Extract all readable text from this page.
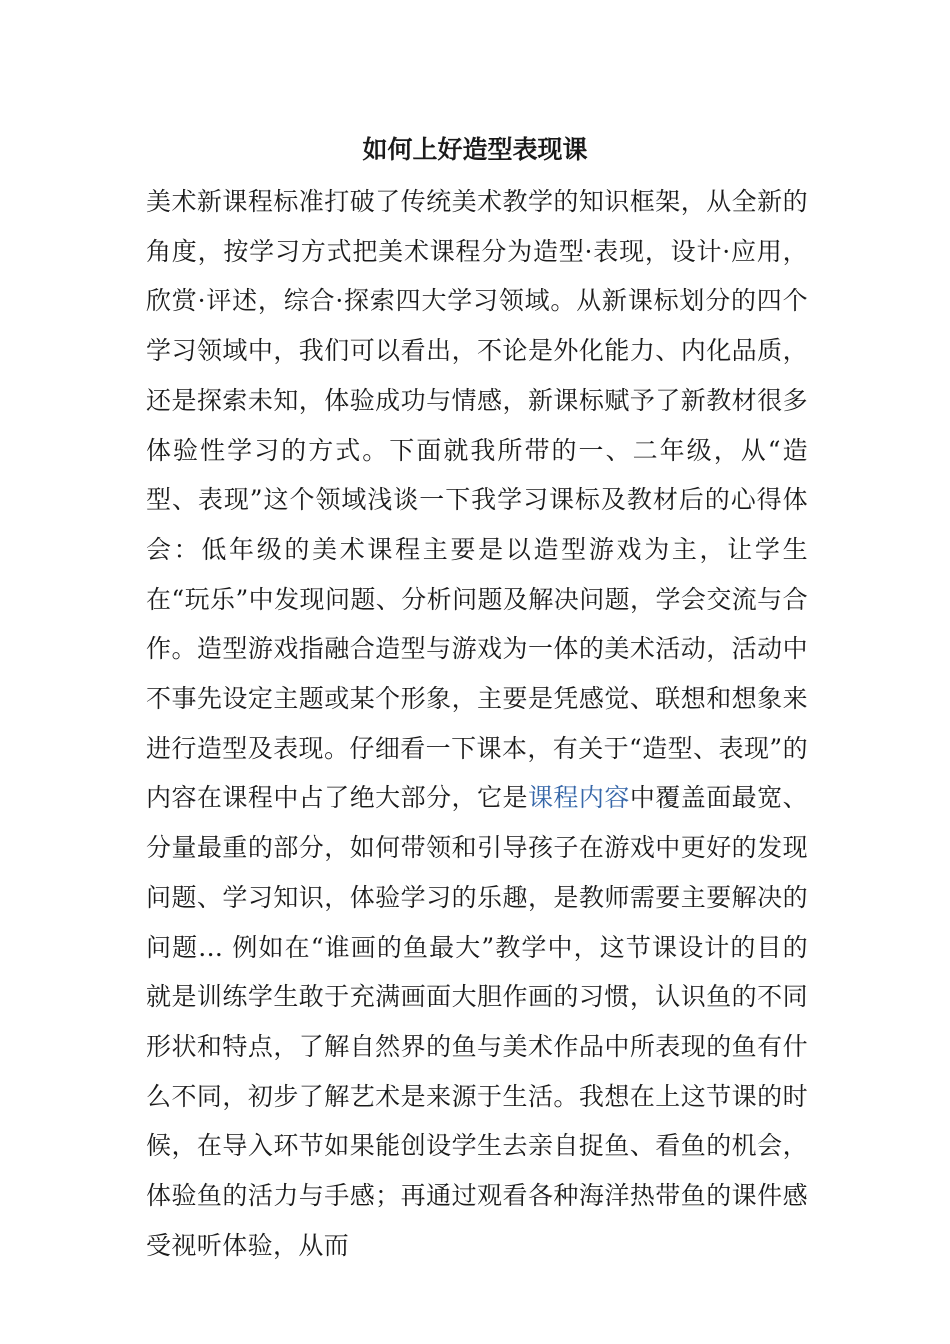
如何上好造型表现课

美术新课程标准打破了传统美术教学的知识框架，从全新的角度，按学习方式把美术课程分为造型·表现，设计·应用，欣赏·评述，综合·探索四大学习领域。从新课标划分的四个学习领域中，我们可以看出，不论是外化能力、内化品质，还是探索未知，体验成功与情感，新课标赋予了新教材很多体验性学习的方式。下面就我所带的一、二年级，从“造型、表现”这个领域浅谈一下我学习课标及教材后的心得体会：低年级的美术课程主要是以造型游戏为主，让学生在“玩乐”中发现问题、分析问题及解决问题，学会交流与合作。造型游戏指融合造型与游戏为一体的美术活动，活动中不事先设定主题或某个形象，主要是凭感觉、联想和想象来进行造型及表现。仔细看一下课本，有关于“造型、表现”的内容在课程中占了绝大部分，它是课程内容中覆盖面最宽、分量最重的部分，如何带领和引导孩子在游戏中更好的发现问题、学习知识，体验学习的乐趣，是教师需要主要解决的问题... 例如在“谁画的鱼最大”教学中，这节课设计的目的就是训练学生敢于充满画面大胆作画的习惯，认识鱼的不同形状和特点，了解自然界的鱼与美术作品中所表现的鱼有什么不同，初步了解艺术是来源于生活。我想在上这节课的时候，在导入环节如果能创设学生去亲自捉鱼、看鱼的机会，体验鱼的活力与手感；再通过观看各种海洋热带鱼的课件感受视听体验，从而
